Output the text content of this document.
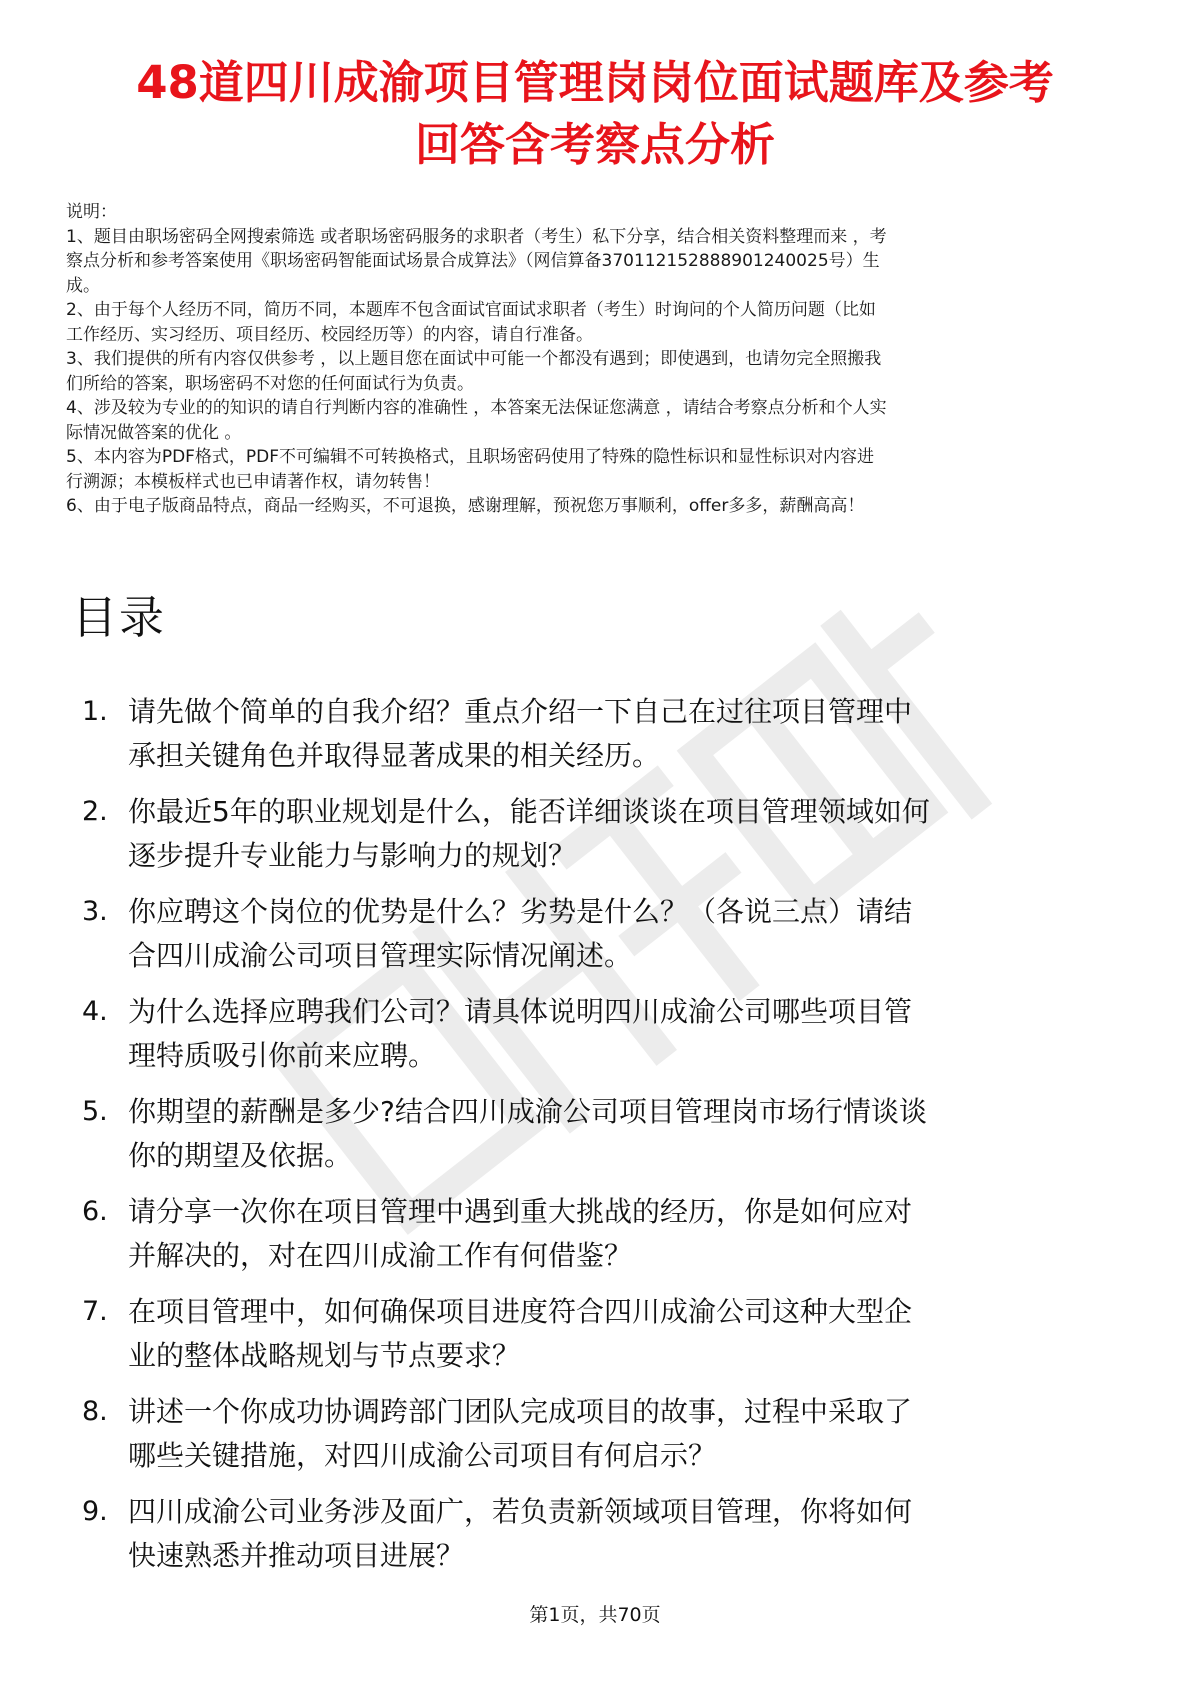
48道四川成渝项目管理岗岗位面试题库及参考
回答含考察点分析
说明：
1、题目由职场密码全网搜索筛选 或者职场密码服务的求职者（考生）私下分享，结合相关资料整理而来 ，考
察点分析和参考答案使用《职场密码智能面试场景合成算法》（网信算备370112152888901240025号）生
成。
2、由于每个人经历不同，简历不同，本题库不包含面试官面试求职者（考生）时询问的个人简历问题（比如
工作经历、实习经历、项目经历、校园经历等）的内容，请自行准备。
3、我们提供的所有内容仅供参考 ，以上题目您在面试中可能一个都没有遇到；即使遇到，也请勿完全照搬我
们所给的答案，职场密码不对您的任何面试行为负责。
4、涉及较为专业的的知识的请自行判断内容的准确性 ，本答案无法保证您满意 ，请结合考察点分析和个人实
际情况做答案的优化 。
5、本内容为PDF格式，PDF不可编辑不可转换格式，且职场密码使用了特殊的隐性标识和显性标识对内容进
行溯源；本模板样式也已申请著作权，请勿转售！
6、由于电子版商品特点，商品一经购买，不可退换，感谢理解，预祝您万事顺利，offer多多，薪酬高高！
目录
1. 请先做个简单的自我介绍？重点介绍一下自己在过往项目管理中
承担关键角色并取得显著成果的相关经历。
2. 你最近5年的职业规划是什么，能否详细谈谈在项目管理领域如何
逐步提升专业能力与影响力的规划？
3. 你应聘这个岗位的优势是什么？劣势是什么？（各说三点）请结
合四川成渝公司项目管理实际情况阐述。
4. 为什么选择应聘我们公司？请具体说明四川成渝公司哪些项目管
理特质吸引你前来应聘。
5. 你期望的薪酬是多少?结合四川成渝公司项目管理岗市场行情谈谈
你的期望及依据。
6. 请分享一次你在项目管理中遇到重大挑战的经历，你是如何应对
并解决的，对在四川成渝工作有何借鉴？
7. 在项目管理中，如何确保项目进度符合四川成渝公司这种大型企
业的整体战略规划与节点要求？
8. 讲述一个你成功协调跨部门团队完成项目的故事，过程中采取了
哪些关键措施，对四川成渝公司项目有何启示？
9. 四川成渝公司业务涉及面广，若负责新领域项目管理，你将如何
快速熟悉并推动项目进展？
第1页，共70页
